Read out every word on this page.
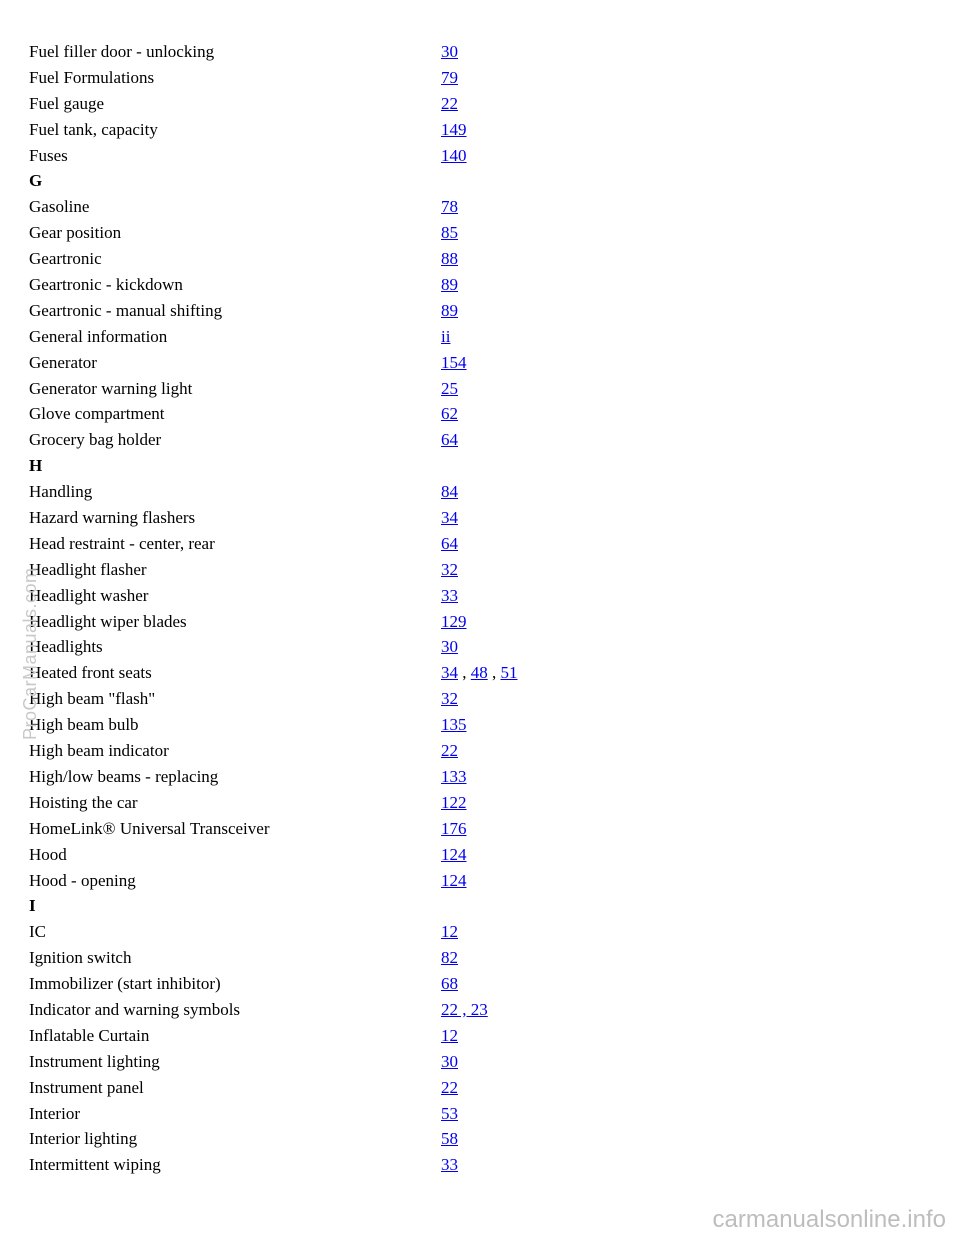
Fuel filler door - unlocking	30
Fuel Formulations	79
Fuel gauge	22
Fuel tank, capacity	149
Fuses	140
G
Gasoline	78
Gear position	85
Geartronic	88
Geartronic - kickdown	89
Geartronic - manual shifting	89
General information	ii
Generator	154
Generator warning light	25
Glove compartment	62
Grocery bag holder	64
H
Handling	84
Hazard warning flashers	34
Head restraint - center, rear	64
Headlight flasher	32
Headlight washer	33
Headlight wiper blades	129
Headlights	30
Heated front seats	34 , 48 , 51
High beam "flash"	32
High beam bulb	135
High beam indicator	22
High/low beams - replacing	133
Hoisting the car	122
HomeLink® Universal Transceiver	176
Hood	124
Hood - opening	124
I
IC	12
Ignition switch	82
Immobilizer (start inhibitor)	68
Indicator and warning symbols	22 , 23
Inflatable Curtain	12
Instrument lighting	30
Instrument panel	22
Interior	53
Interior lighting	58
Intermittent wiping	33
ProCarManuals.com
carmanualsonline.info
